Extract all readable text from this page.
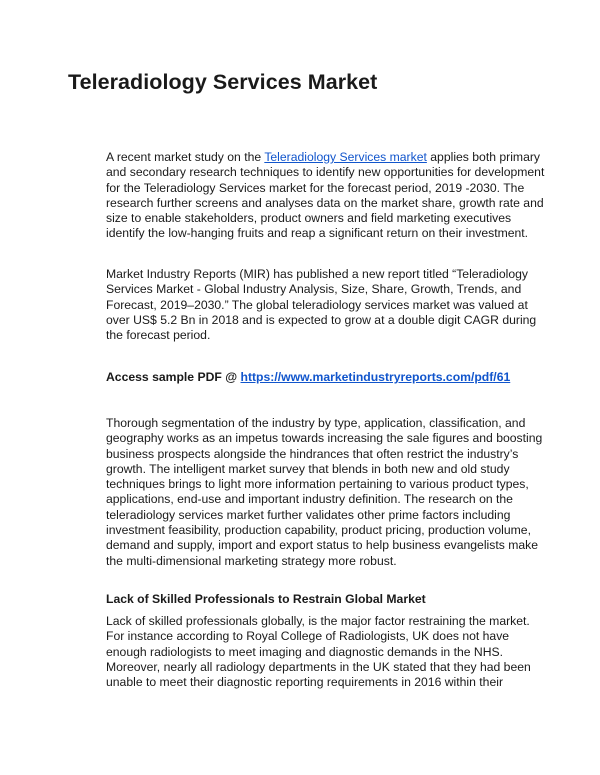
Teleradiology Services Market

A recent market study on the Teleradiology Services market applies both primary and secondary research techniques to identify new opportunities for development for the Teleradiology Services market for the forecast period, 2019 -2030. The research further screens and analyses data on the market share, growth rate and size to enable stakeholders, product owners and field marketing executives identify the low-hanging fruits and reap a significant return on their investment.

Market Industry Reports (MIR) has published a new report titled “Teleradiology Services Market - Global Industry Analysis, Size, Share, Growth, Trends, and Forecast, 2019–2030.” The global teleradiology services market was valued at over US$ 5.2 Bn in 2018 and is expected to grow at a double digit CAGR during the forecast period.

Access sample PDF @ https://www.marketindustryreports.com/pdf/61

Thorough segmentation of the industry by type, application, classification, and geography works as an impetus towards increasing the sale figures and boosting business prospects alongside the hindrances that often restrict the industry’s growth. The intelligent market survey that blends in both new and old study techniques brings to light more information pertaining to various product types, applications, end-use and important industry definition. The research on the teleradiology services market further validates other prime factors including investment feasibility, production capability, product pricing, production volume, demand and supply, import and export status to help business evangelists make the multi-dimensional marketing strategy more robust.

Lack of Skilled Professionals to Restrain Global Market

Lack of skilled professionals globally, is the major factor restraining the market. For instance according to Royal College of Radiologists, UK does not have enough radiologists to meet imaging and diagnostic demands in the NHS. Moreover, nearly all radiology departments in the UK stated that they had been unable to meet their diagnostic reporting requirements in 2016 within their
